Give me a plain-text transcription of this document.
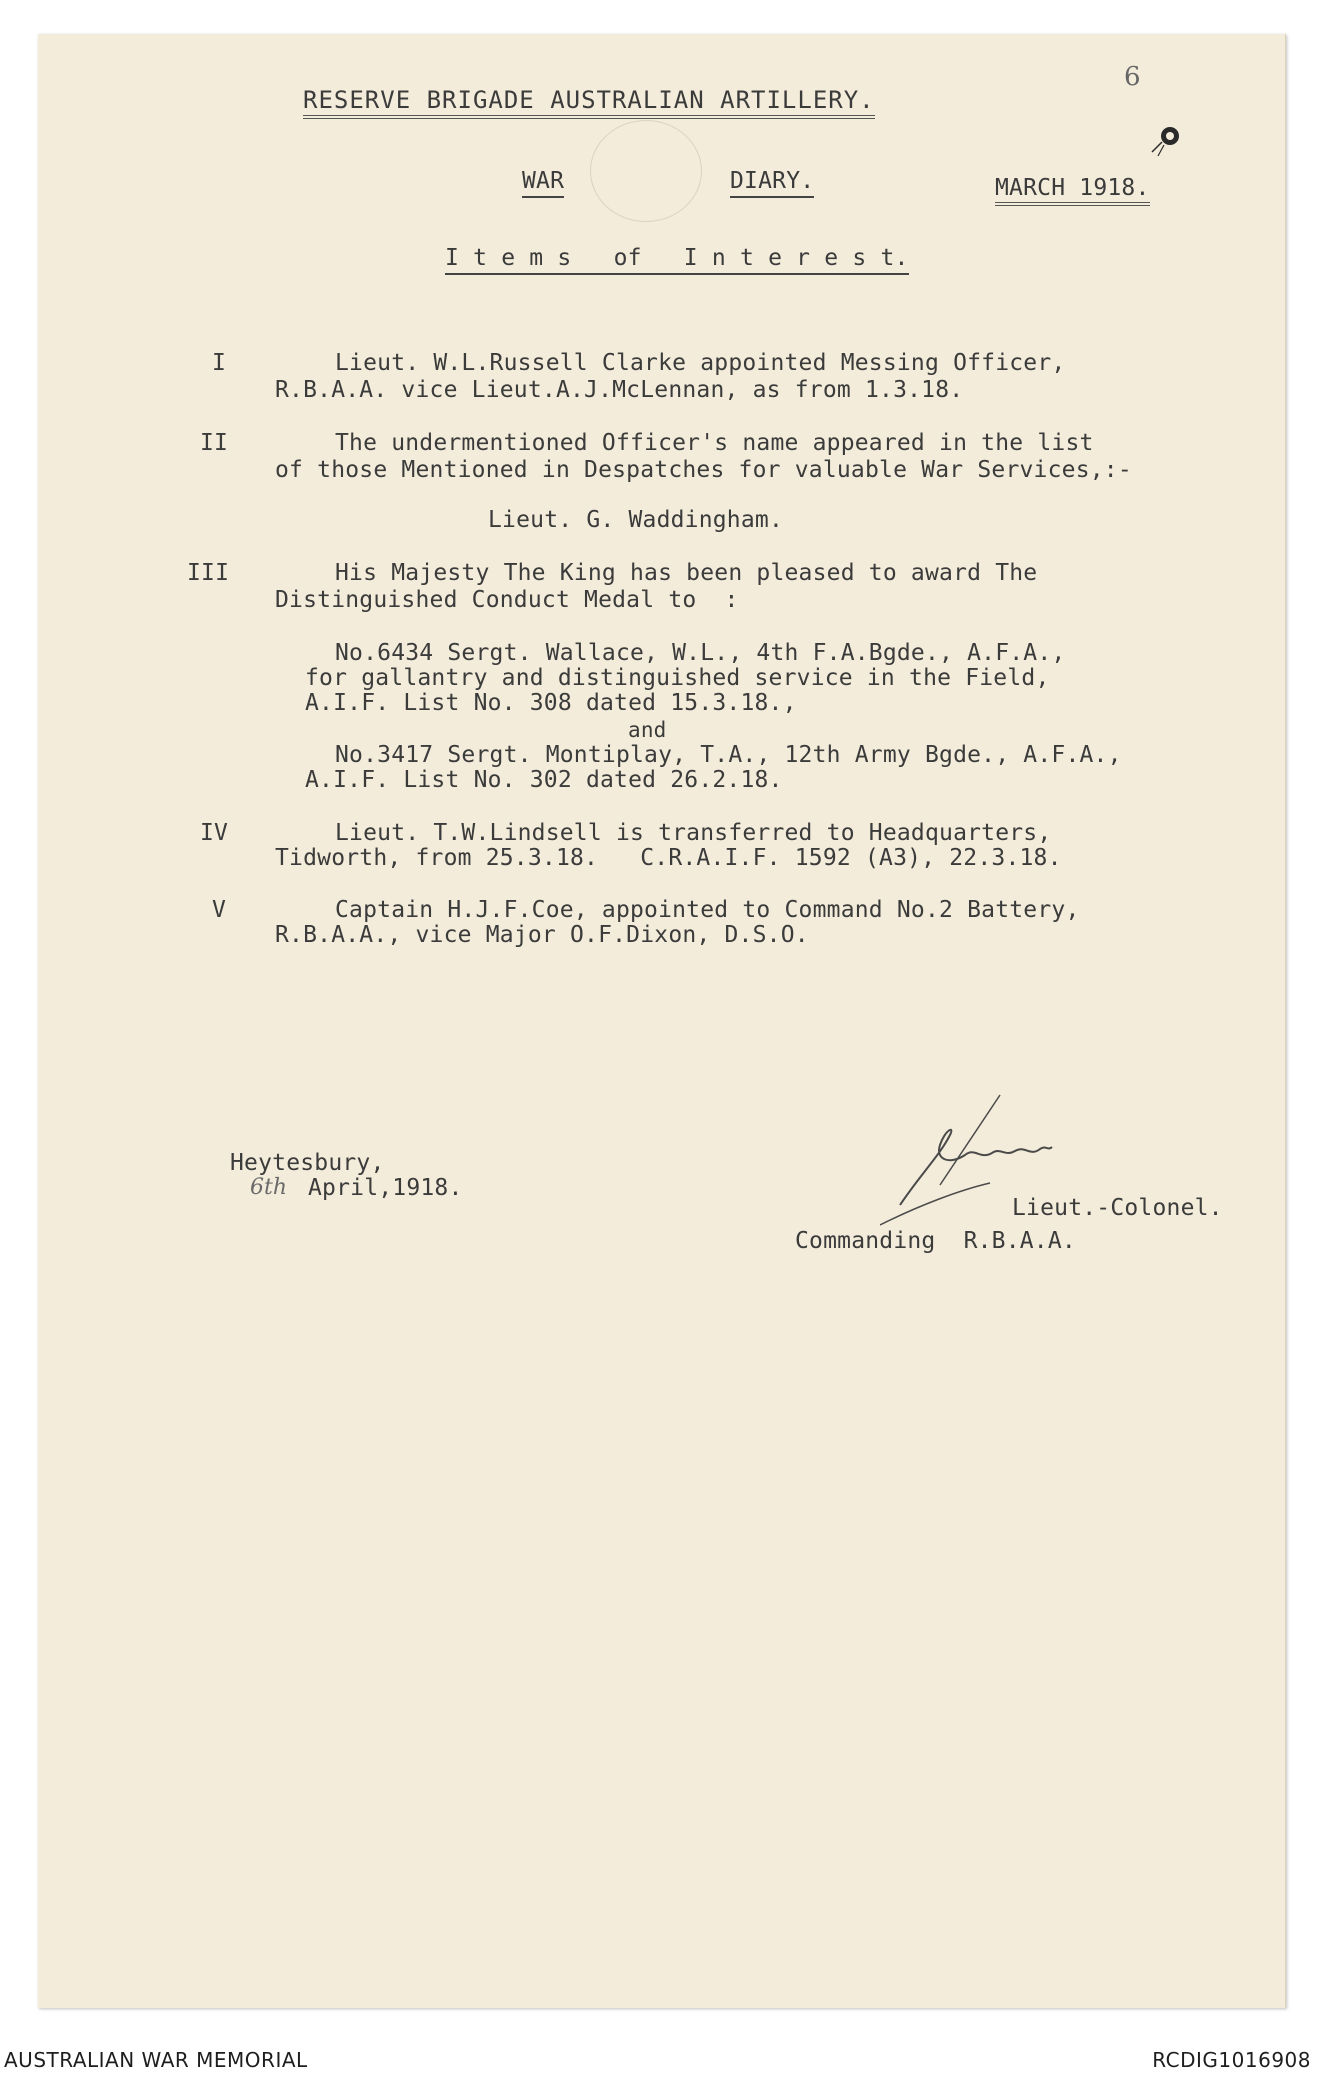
6
RESERVE BRIGADE AUSTRALIAN ARTILLERY.
WAR	DIARY.	MARCH 1918.
I t e m s   of   I n t e r e s t.
I	Lieut. W.L.Russell Clarke appointed Messing Officer,
R.B.A.A. vice Lieut.A.J.McLennan, as from 1.3.18.
II	The undermentioned Officer's name appeared in the list
of those Mentioned in Despatches for valuable War Services,:-
Lieut. G. Waddingham.
III	His Majesty The King has been pleased to award The
Distinguished Conduct Medal to  :
No.6434 Sergt. Wallace, W.L., 4th F.A.Bgde., A.F.A.,
for gallantry and distinguished service in the Field,
A.I.F. List No. 308 dated 15.3.18.,
and
No.3417 Sergt. Montiplay, T.A., 12th Army Bgde., A.F.A.,
A.I.F. List No. 302 dated 26.2.18.
IV	Lieut. T.W.Lindsell is transferred to Headquarters,
Tidworth, from 25.3.18.   C.R.A.I.F. 1592 (A3), 22.3.18.
V	Captain H.J.F.Coe, appointed to Command No.2 Battery,
R.B.A.A., vice Major O.F.Dixon, D.S.O.
Heytesbury,
6th April,1918.
Lieut.-Colonel.
Commanding  R.B.A.A.
AUSTRALIAN WAR MEMORIAL	RCDIG1016908
